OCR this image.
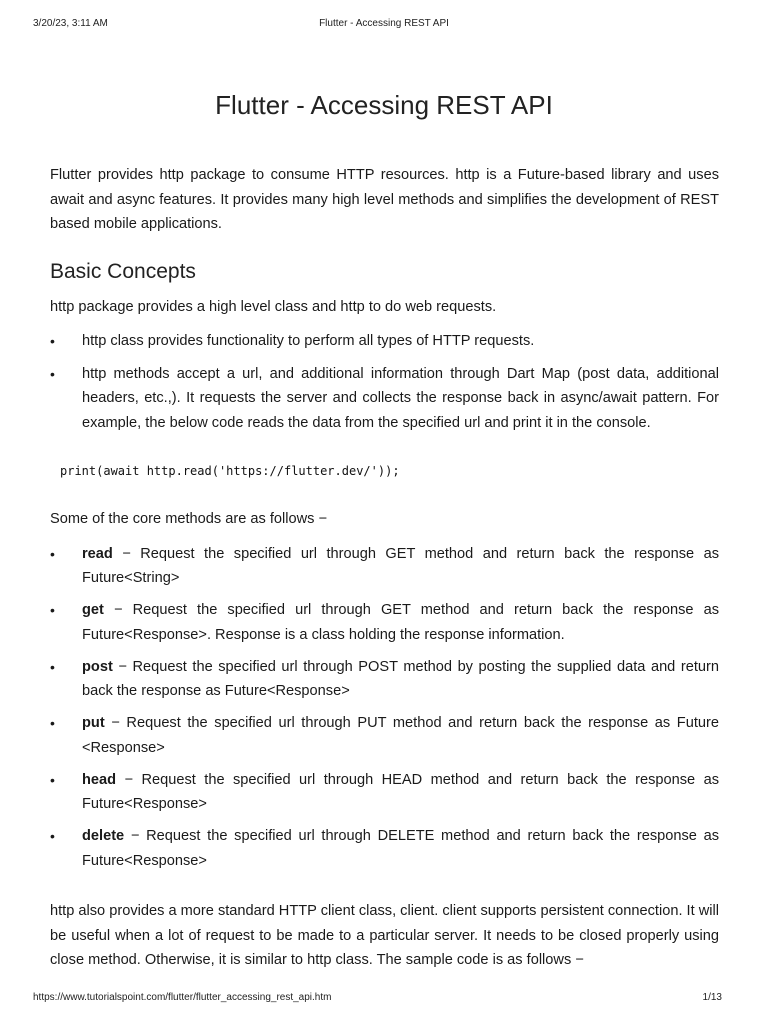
3/20/23, 3:11 AM	Flutter - Accessing REST API
Flutter - Accessing REST API

Flutter provides http package to consume HTTP resources. http is a Future-based library and uses await and async features. It provides many high level methods and simplifies the development of REST based mobile applications.

Basic Concepts

http package provides a high level class and http to do web requests.

• http class provides functionality to perform all types of HTTP requests.
• http methods accept a url, and additional information through Dart Map (post data, additional headers, etc.,). It requests the server and collects the response back in async/await pattern. For example, the below code reads the data from the specified url and print it in the console.
print(await http.read('https://flutter.dev/'));

Some of the core methods are as follows −

• read − Request the specified url through GET method and return back the response as Future<String>
• get − Request the specified url through GET method and return back the response as Future<Response>. Response is a class holding the response information.
• post − Request the specified url through POST method by posting the supplied data and return back the response as Future<Response>
• put − Request the specified url through PUT method and return back the response as Future <Response>
• head − Request the specified url through HEAD method and return back the response as Future<Response>
• delete − Request the specified url through DELETE method and return back the response as Future<Response>

http also provides a more standard HTTP client class, client. client supports persistent connection. It will be useful when a lot of request to be made to a particular server. It needs to be closed properly using close method. Otherwise, it is similar to http class. The sample code is as follows −

https://www.tutorialspoint.com/flutter/flutter_accessing_rest_api.htm	1/13
